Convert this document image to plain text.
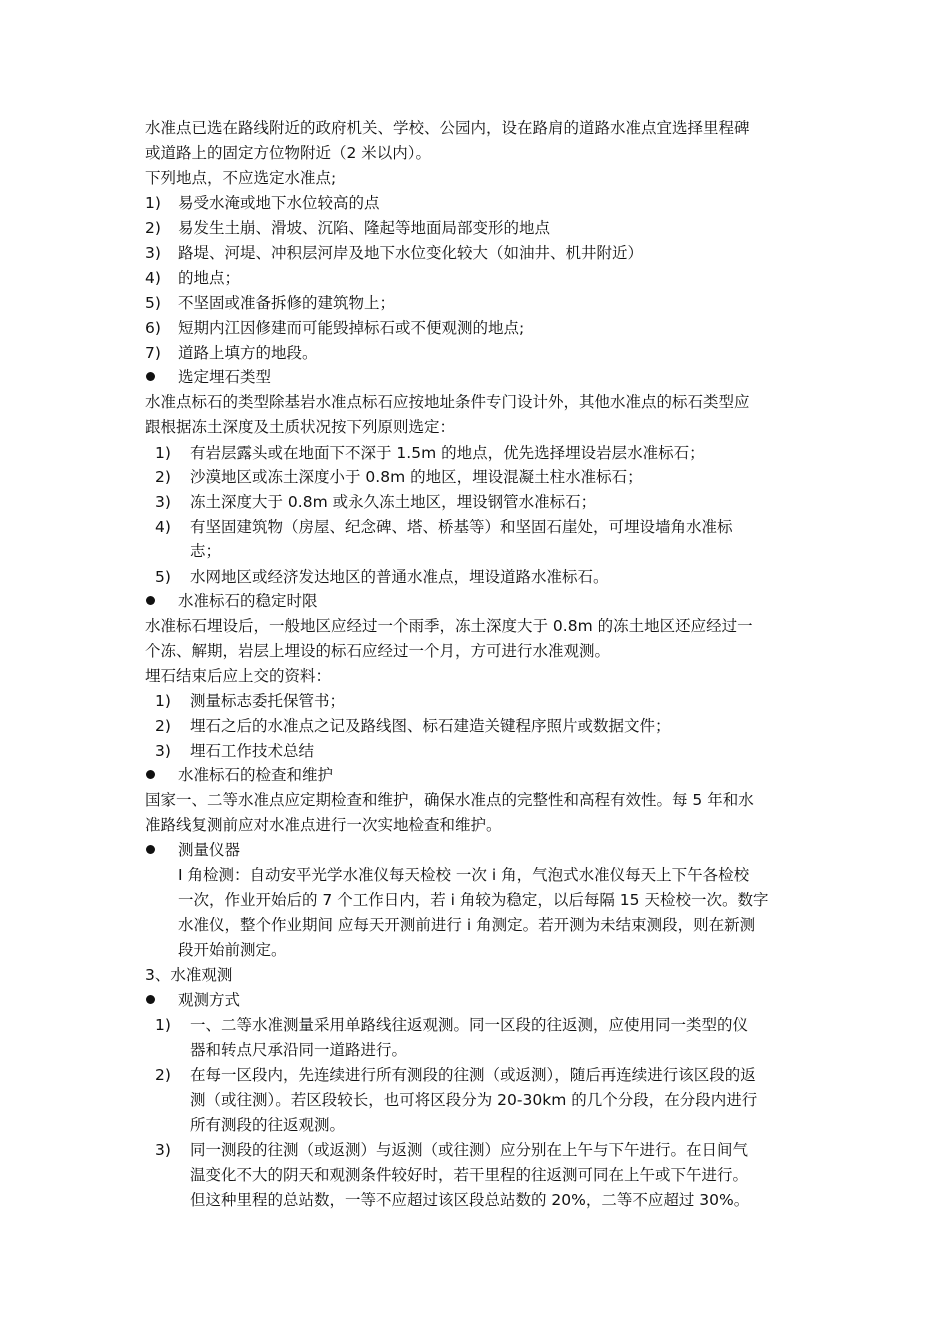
水准点已选在路线附近的政府机关、学校、公园内，设在路肩的道路水准点宜选择里程碑
或道路上的固定方位物附近（2 米以内）。
下列地点，不应选定水准点;
1) 易受水淹或地下水位较高的点
2) 易发生土崩、滑坡、沉陷、隆起等地面局部变形的地点
3) 路堤、河堤、冲积层河岸及地下水位变化较大（如油井、机井附近）
4) 的地点；
5) 不坚固或准备拆修的建筑物上；
6) 短期内江因修建而可能毁掉标石或不便观测的地点;
7) 道路上填方的地段。
选定埋石类型
水准点标石的类型除基岩水准点标石应按地址条件专门设计外，其他水准点的标石类型应
跟根据冻土深度及土质状况按下列原则选定：
1) 有岩层露头或在地面下不深于 1.5m 的地点，优先选择埋设岩层水准标石；
2) 沙漠地区或冻土深度小于 0.8m 的地区，埋设混凝土柱水准标石；
3) 冻土深度大于 0.8m 或永久冻土地区，埋设钢管水准标石；
4) 有坚固建筑物（房屋、纪念碑、塔、桥基等）和坚固石崖处，可埋设墙角水准标
志；
5) 水网地区或经济发达地区的普通水准点，埋设道路水准标石。
水准标石的稳定时限
水准标石埋设后，一般地区应经过一个雨季，冻土深度大于 0.8m 的冻土地区还应经过一
个冻、解期，岩层上埋设的标石应经过一个月，方可进行水准观测。
埋石结束后应上交的资料：
1) 测量标志委托保管书；
2) 埋石之后的水准点之记及路线图、标石建造关键程序照片或数据文件；
3) 埋石工作技术总结
水准标石的检查和维护
国家一、二等水准点应定期检查和维护，确保水准点的完整性和高程有效性。每 5 年和水
准路线复测前应对水准点进行一次实地检查和维护。
测量仪器
I 角检测：自动安平光学水准仪每天检校 一次 i 角，气泡式水准仪每天上下午各检校
一次，作业开始后的 7 个工作日内，若 i 角较为稳定，以后每隔 15 天检校一次。数字
水准仪，整个作业期间 应每天开测前进行 i 角测定。若开测为未结束测段，则在新测
段开始前测定。
3、水准观测
观测方式
1) 一、二等水准测量采用单路线往返观测。同一区段的往返测，应使用同一类型的仪
器和转点尺承沿同一道路进行。
2) 在每一区段内，先连续进行所有测段的往测（或返测），随后再连续进行该区段的返
测（或往测）。若区段较长，也可将区段分为 20-30km 的几个分段，在分段内进行
所有测段的往返观测。
3) 同一测段的往测（或返测）与返测（或往测）应分别在上午与下午进行。在日间气
温变化不大的阴天和观测条件较好时，若干里程的往返测可同在上午或下午进行。
但这种里程的总站数，一等不应超过该区段总站数的 20%，二等不应超过 30%。
